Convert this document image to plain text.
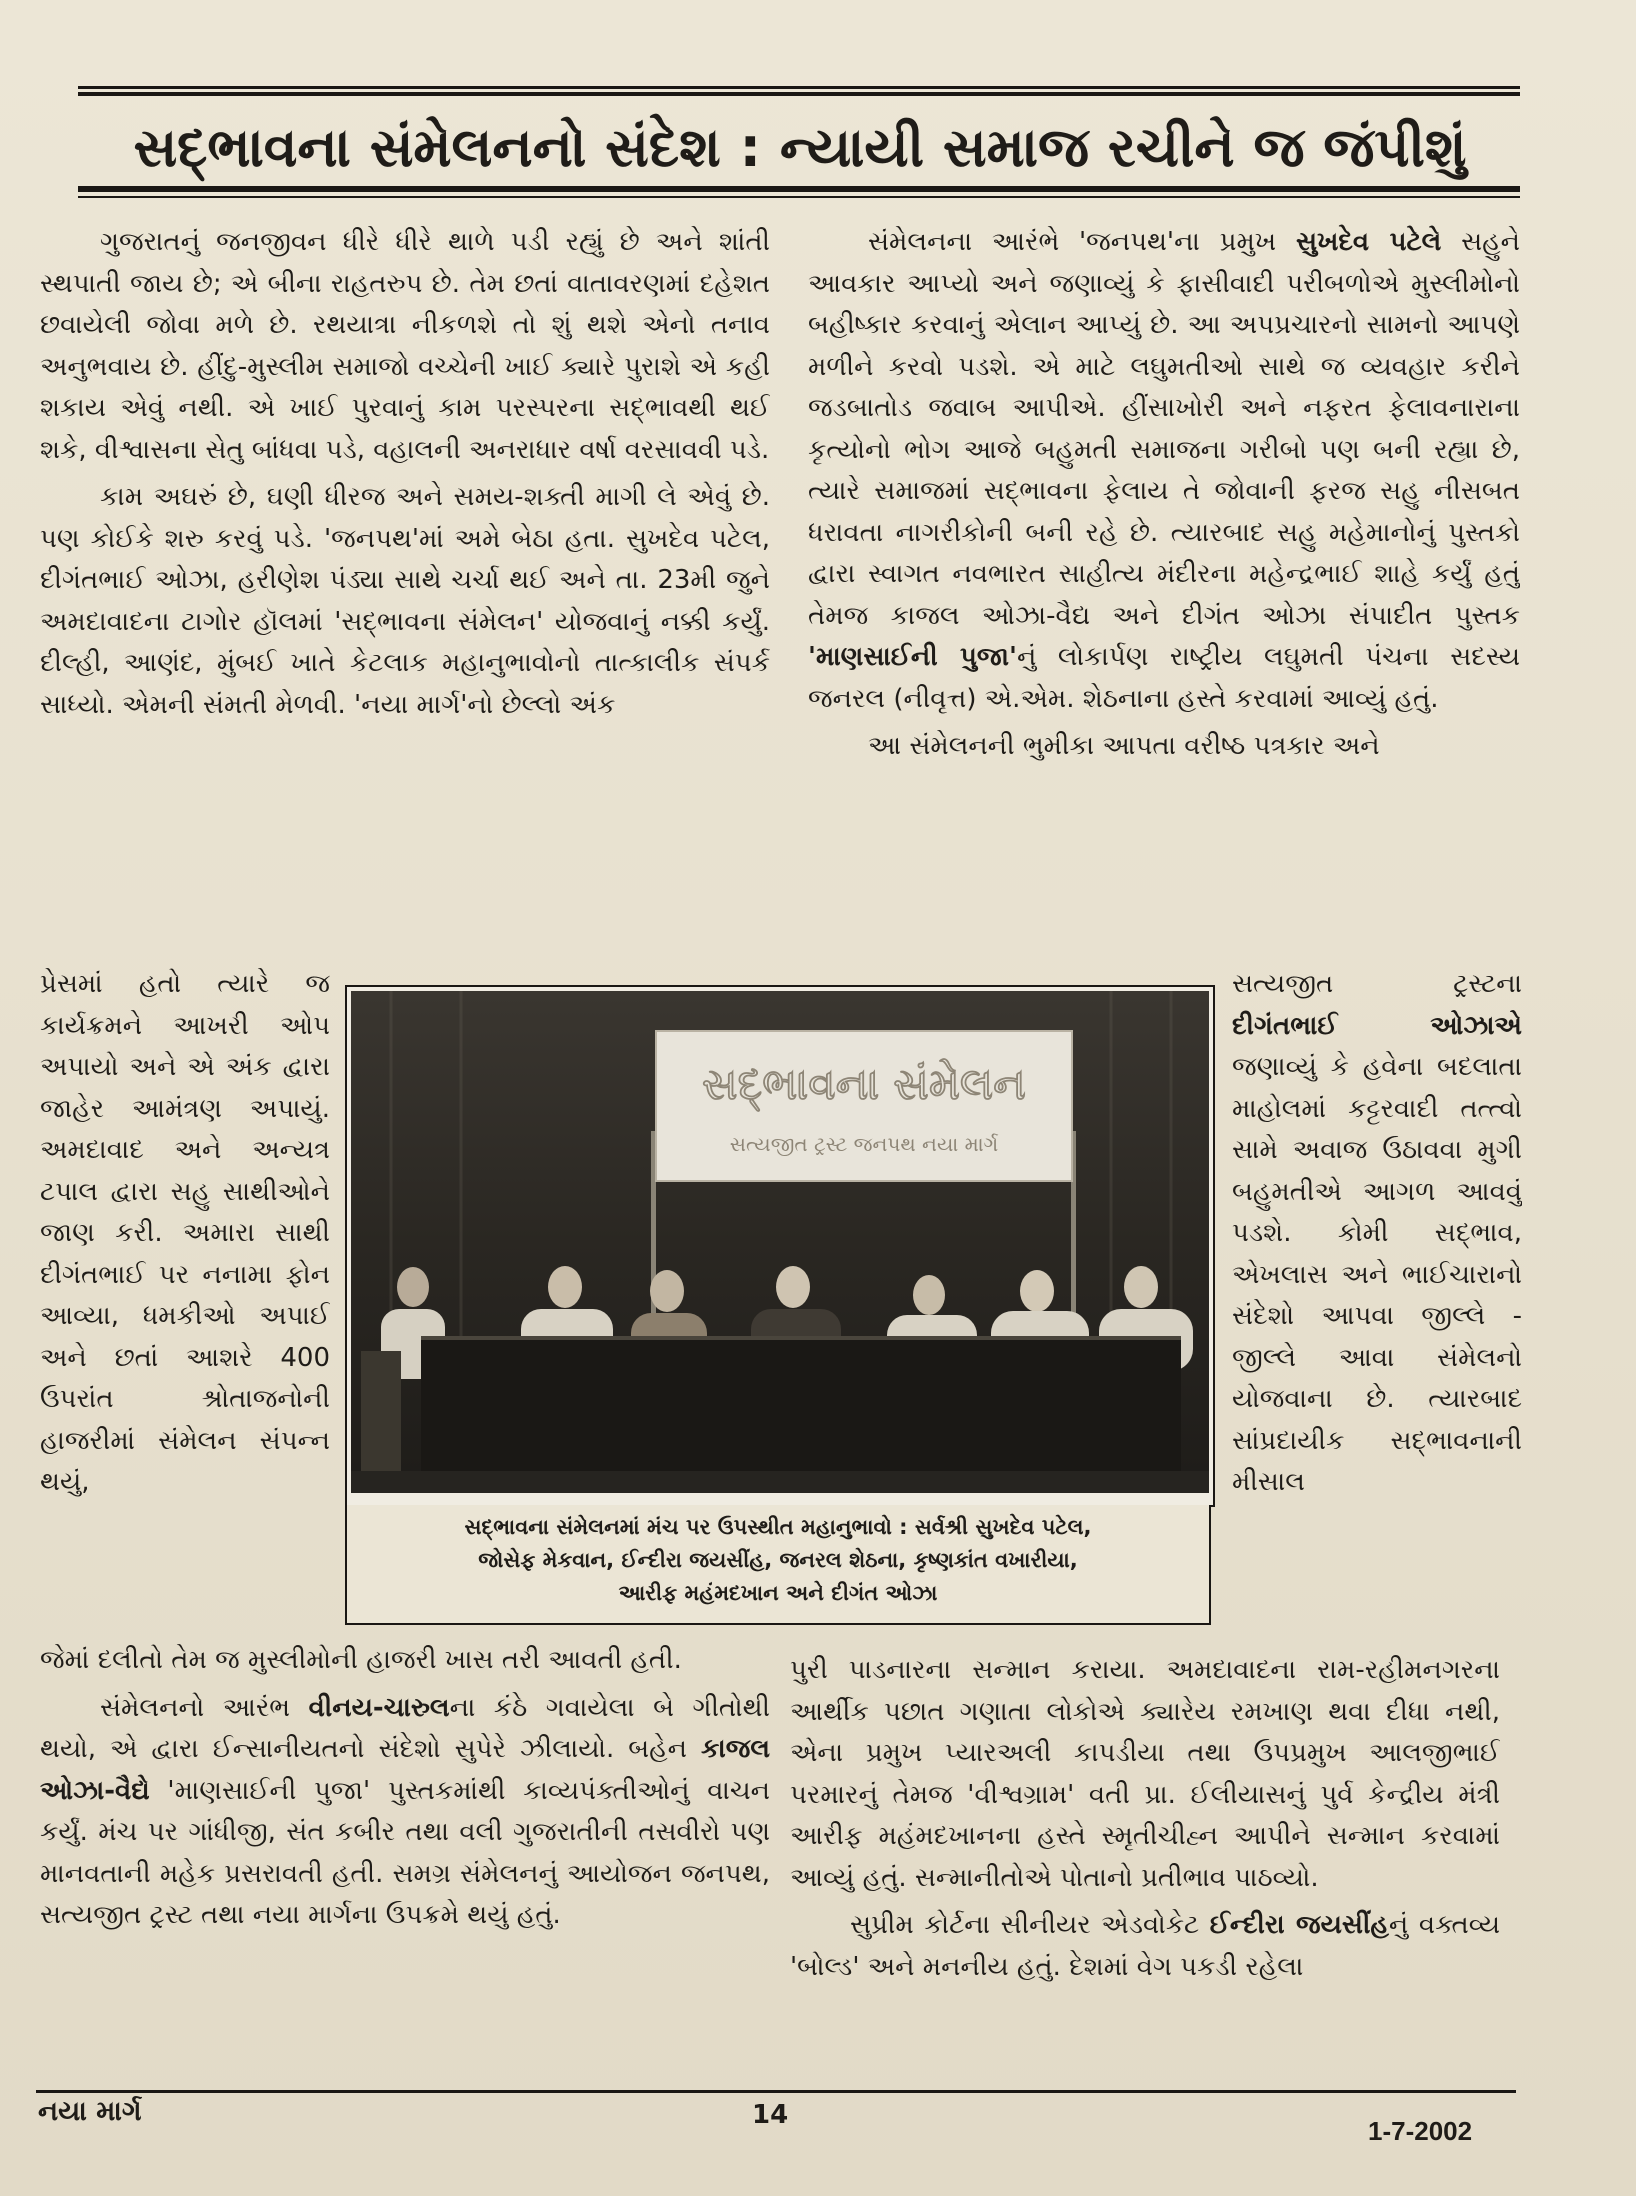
સદ્ભાવના સંમેલનનો સંદેશ : ન્યાયી સમાજ રચીને જ જંપીશું

ગુજરાતનું જનજીવન ધીરે ધીરે થાળે પડી રહ્યું છે અને શાંતી સ્થપાતી જાય છે; એ બીના રાહતરુપ છે. તેમ છતાં વાતાવરણમાં દહેશત છવાયેલી જોવા મળે છે. રથયાત્રા નીકળશે તો શું થશે એનો તનાવ અનુભવાય છે. હીંદુ-મુસ્લીમ સમાજો વચ્ચેની ખાઈ ક્યારે પુરાશે એ કહી શકાય એવું નથી. એ ખાઈ પુરવાનું કામ પરસ્પરના સદ્ભાવથી થઈ શકે, વીશ્વાસના સેતુ બાંધવા પડે, વહાલની અનરાધાર વર્ષા વરસાવવી પડે.

કામ અઘરું છે, ઘણી ધીરજ અને સમય-શક્તી માગી લે એવું છે. પણ કોઈકે શરુ કરવું પડે. 'જનપથ'માં અમે બેઠા હતા. સુખદેવ પટેલ, દીગંતભાઈ ઓઝા, હરીણેશ પંડ્યા સાથે ચર્ચા થઈ અને તા. 23મી જુને અમદાવાદના ટાગોર હૉલમાં 'સદ્ભાવના સંમેલન' યોજવાનું નક્કી કર્યું. દીલ્હી, આણંદ, મુંબઈ ખાતે કેટલાક મહાનુભાવોનો તાત્કાલીક સંપર્ક સાધ્યો. એમની સંમતી મેળવી. 'નયા માર્ગ'નો છેલ્લો અંક

પ્રેસમાં હતો ત્યારે જ કાર્યક્રમને આખરી ઓપ અપાયો અને એ અંક દ્વારા જાહેર આમંત્રણ અપાયું. અમદાવાદ અને અન્યત્ર ટપાલ દ્વારા સહુ સાથીઓને જાણ કરી. અમારા સાથી દીગંતભાઈ પર નનામા ફોન આવ્યા, ધમકીઓ અપાઈ અને છતાં આશરે 400 ઉપરાંત શ્રોતાજનોની હાજરીમાં સંમેલન સંપન્ન થયું,

જેમાં દલીતો તેમ જ મુસ્લીમોની હાજરી ખાસ તરી આવતી હતી.

સંમેલનનો આરંભ વીનય-ચારુલના કંઠે ગવાયેલા બે ગીતોથી થયો, એ દ્વારા ઈન્સાનીયતનો સંદેશો સુપેરે ઝીલાયો. બહેન કાજલ ઓઝા-વૈદ્યે 'માણસાઈની પુજા' પુસ્તકમાંથી કાવ્યપંક્તીઓનું વાચન કર્યું. મંચ પર ગાંધીજી, સંત કબીર તથા વલી ગુજરાતીની તસવીરો પણ માનવતાની મહેક પ્રસરાવતી હતી. સમગ્ર સંમેલનનું આયોજન જનપથ, સત્યજીત ટ્રસ્ટ તથા નયા માર્ગના ઉપક્રમે થયું હતું.

સંમેલનના આરંભે 'જનપથ'ના પ્રમુખ સુખદેવ પટેલે સહુને આવકાર આપ્યો અને જણાવ્યું કે ફાસીવાદી પરીબળોએ મુસ્લીમોનો બહીષ્કાર કરવાનું એલાન આપ્યું છે. આ અપપ્રચારનો સામનો આપણે મળીને કરવો પડશે. એ માટે લઘુમતીઓ સાથે જ વ્યવહાર કરીને જડબાતોડ જવાબ આપીએ. હીંસાખોરી અને નફરત ફેલાવનારાના કૃત્યોનો ભોગ આજે બહુમતી સમાજના ગરીબો પણ બની રહ્યા છે, ત્યારે સમાજમાં સદ્ભાવના ફેલાય તે જોવાની ફરજ સહુ નીસબત ધરાવતા નાગરીકોની બની રહે છે. ત્યારબાદ સહુ મહેમાનોનું પુસ્તકો દ્વારા સ્વાગત નવભારત સાહીત્ય મંદીરના મહેન્દ્રભાઈ શાહે કર્યું હતું તેમજ કાજલ ઓઝા-વૈદ્ય અને દીગંત ઓઝા સંપાદીત પુસ્તક 'માણસાઈની પુજા'નું લોકાર્પણ રાષ્ટ્રીય લઘુમતી પંચના સદસ્ય જનરલ (નીવૃત્ત) એ.એમ. શેઠનાના હસ્તે કરવામાં આવ્યું હતું.

આ સંમેલનની ભુમીકા આપતા વરીષ્ઠ પત્રકાર અને

સત્યજીત ટ્રસ્ટના દીગંતભાઈ ઓઝાએ જણાવ્યું કે હવેના બદલાતા માહોલમાં કટ્ટરવાદી તત્ત્વો સામે અવાજ ઉઠાવવા મુગી બહુમતીએ આગળ આવવું પડશે. કોમી સદ્ભાવ, એખલાસ અને ભાઈચારાનો સંદેશો આપવા જીલ્લે - જીલ્લે આવા સંમેલનો યોજવાના છે. ત્યારબાદ સાંપ્રદાયીક સદ્ભાવનાની મીસાલ

પુરી પાડનારના સન્માન કરાયા. અમદાવાદના રામ-રહીમનગરના આર્થીક પછાત ગણાતા લોકોએ ક્યારેય રમખાણ થવા દીધા નથી, એના પ્રમુખ પ્યારઅલી કાપડીયા તથા ઉપપ્રમુખ આલજીભાઈ પરમારનું તેમજ 'વીશ્વગ્રામ' વતી પ્રા. ઈલીયાસનું પુર્વ કેન્દ્રીય મંત્રી આરીફ મહંમદખાનના હસ્તે સ્મૃતીચીહ્ન આપીને સન્માન કરવામાં આવ્યું હતું. સન્માનીતોએ પોતાનો પ્રતીભાવ પાઠવ્યો.

સુપ્રીમ કોર્ટના સીનીયર એડવોકેટ ઈન્દીરા જયસીંહનું વક્તવ્ય 'બોલ્ડ' અને મનનીય હતું. દેશમાં વેગ પકડી રહેલા

સદ્ભાવના સંમેલન
સત્યજીત ટ્રસ્ટ જનપથ નયા માર્ગ
સદ્ભાવના સંમેલનમાં મંચ પર ઉપસ્થીત મહાનુભાવો : સર્વશ્રી સુખદેવ પટેલ,
જોસેફ મેકવાન, ઈન્દીરા જયસીંહ, જનરલ શેઠના, કૃષ્ણકાંત વખારીયા,
આરીફ મહંમદખાન અને દીગંત ઓઝા
નયા માર્ગ	14
1-7-2002
